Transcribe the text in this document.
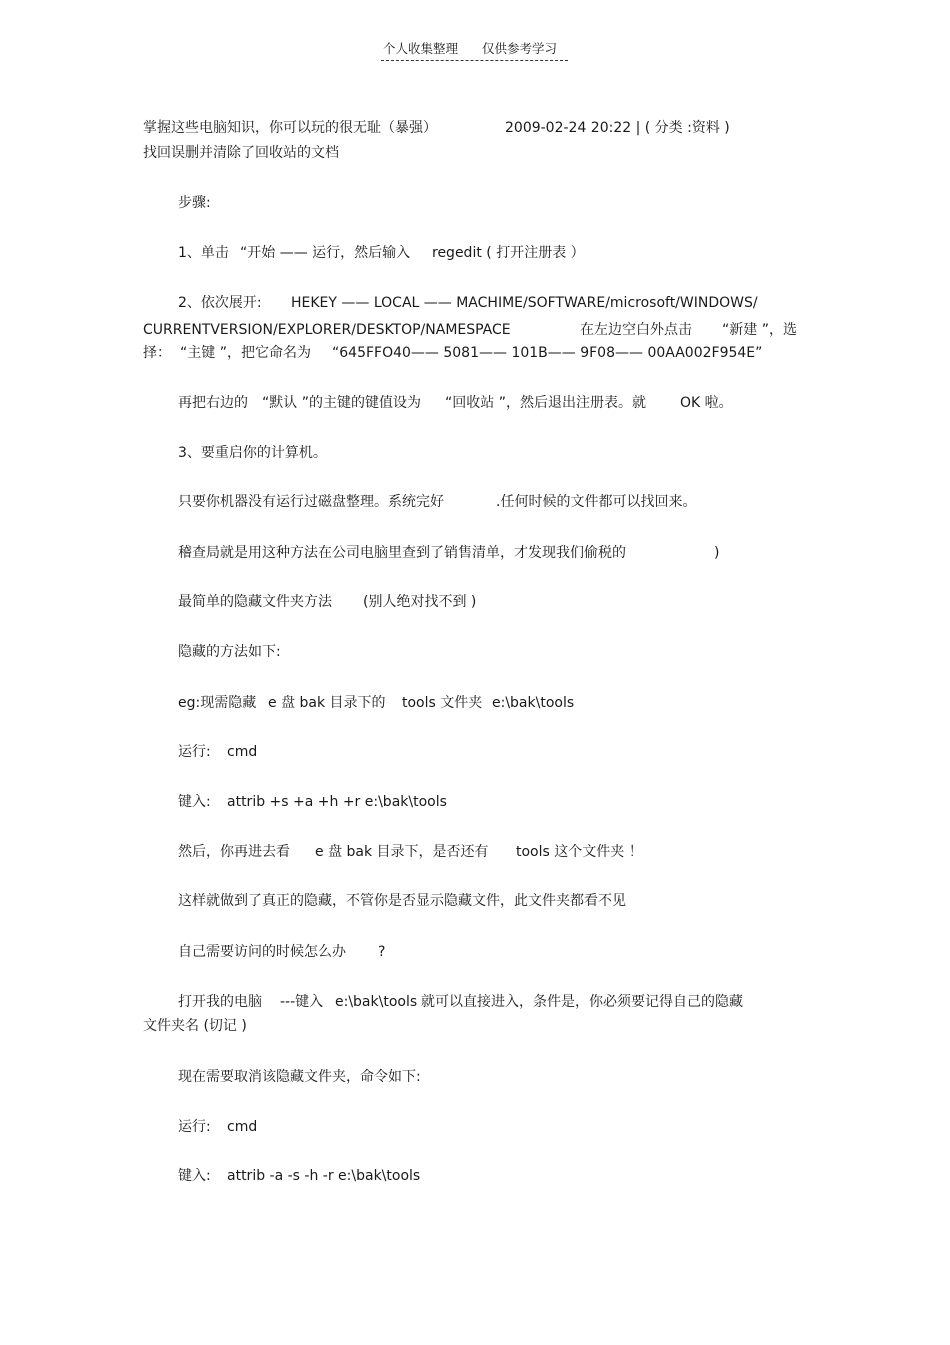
个人收集整理 仅供参考学习
掌握这些电脑知识，你可以玩的很无耻（暴强）	2009-02-24 20:22 | ( 分类 :资料 )
找回误删并清除了回收站的文档
步骤:
1、单击 “开始 —— 运行，然后输入 regedit ( 打开注册表 ）
2、依次展开: HEKEY —— LOCAL —— MACHIME/SOFTWARE/microsoft/WINDOWS/
CURRENTVERSION/EXPLORER/DESKTOP/NAMESPACE	在左边空白外点击 “新建 ”，选
择： “主键 ”，把它命名为 “645FFO40—— 5081—— 101B—— 9F08—— 00AA002F954E”
再把右边的 “默认 ”的主键的键值设为 “回收站 ”，然后退出注册表。就 OK 啦。
3、要重启你的计算机。
只要你机器没有运行过磁盘整理。系统完好	.任何时候的文件都可以找回来。
稽查局就是用这种方法在公司电脑里查到了销售清单，才发现我们偷税的	)
最简单的隐藏文件夹方法 (别人绝对找不到 )
隐藏的方法如下:
eg:现需隐藏 e 盘 bak 目录下的 tools 文件夹 e:\bak\tools
运行: cmd
键入: attrib +s +a +h +r e:\bak\tools
然后，你再进去看 e 盘 bak 目录下，是否还有 tools 这个文件夹 ！
这样就做到了真正的隐藏，不管你是否显示隐藏文件，此文件夹都看不见
自己需要访问的时候怎么办 ?
打开我的电脑 ---键入 e:\bak\tools 就可以直接进入，条件是，你必须要记得自己的隐藏
文件夹名 (切记 )
现在需要取消该隐藏文件夹，命令如下:
运行: cmd
键入: attrib -a -s -h -r e:\bak\tools
